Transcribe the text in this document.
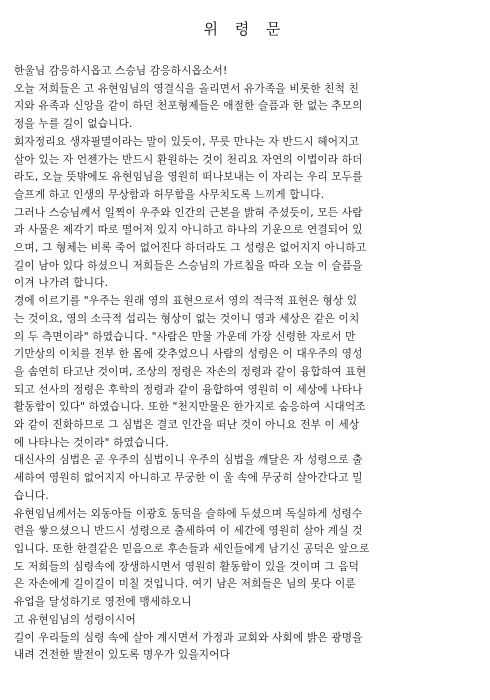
위 령 문

한울님 감응하시옵고 스승님 감응하시옵소서!

오늘 저희들은 고 유현임님의 영결식을 올리면서 유가족을 비롯한 친척 친

지와 유족과 신앙을 같이 하던 천포형제들은 애절한 슬픔과 한 없는 추모의

정을 누를 길이 없습니다.

회자정리요 생자필멸이라는 말이 있듯이, 무릇 만나는 자 반드시 헤어지고

살아 있는 자 언젠가는 반드시 환원하는 것이 천리요 자연의 이법이라 하더

라도, 오늘 뜻밖에도 유현임님을 영원히 떠나보내는 이 자리는 우리 모두를

슬프게 하고 인생의 무상함과 허무함을 사무치도록 느끼게 합니다.

그러나 스승님께서 일찍이 우주와 인간의 근본을 밝혀 주셨듯이, 모든 사람

과 사물은 제각기 따로 떨어져 있지 아니하고 하나의 기운으로 연결되어 있

으며, 그 형체는 비록 죽어 없어진다 하더라도 그 성령은 없어지지 아니하고

길이 남아 있다 하셨으니 저희들은 스승님의 가르침을 따라 오늘 이 슬픔을

이겨 나가려 합니다.

경에 이르기를 "우주는 원래 영의 표현으로서 영의 적극적 표현은 형상 있

는 것이요, 영의 소극적 섭리는 형상이 없는 것이니 영과 세상은 같은 이치

의 두 측면이라" 하였습니다. "사람은 만물 가운데 가장 신령한 자로서 만

기만상의 이치를 전부 한 몸에 갖추었으니 사람의 성령은 이 대우주의 영성

을 솜연히 타고난 것이며, 조상의 정령은 자손의 정령과 같이 융합하여 표현

되고 선사의 정령은 후학의 정령과 같이 융합하여 영원히 이 세상에 나타나

활동함이 있다" 하였습니다. 또한 "천지만물은 한가지로 숨응하여 시대억조

와 같이 진화하므로 그 심법은 결코 인간을 떠난 것이 아니요 전부 이 세상

에 나타나는 것이라" 하였습니다.

대신사의 심법은 곧 우주의 심법이니 우주의 심법을 깨달은 자 성령으로 출

세하여 영원히 없어지지 아니하고 무궁한 이 울 속에 무궁히 살아간다고 밀

습니다.

유현임님께서는 외동아들 이광호 동덕을 슬하에 두셨으며 독실하게 성령수

련을 쌓으셨으니 반드시 성령으로 출세하여 이 세간에 영원히 살아 계실 것

입니다. 또한 한결같은 믿음으로 후손들과 세인들에게 남기신 공덕은 앞으로

도 저희들의 심령속에 장생하시면서 영원히 활동함이 있을 것이며 그 음덕

은 자손에게 길이길이 미칠 것입니다. 여기 남은 저희들은 님의 못다 이룬

유업을 달성하기로 영전에 맹세하오니

고 유현임님의 성령이시어

길이 우리들의 심령 속에 살아 계시면서 가정과 교회와 사회에 밝은 광명을

내려 건전한 발전이 있도록 명우가 있을지어다
